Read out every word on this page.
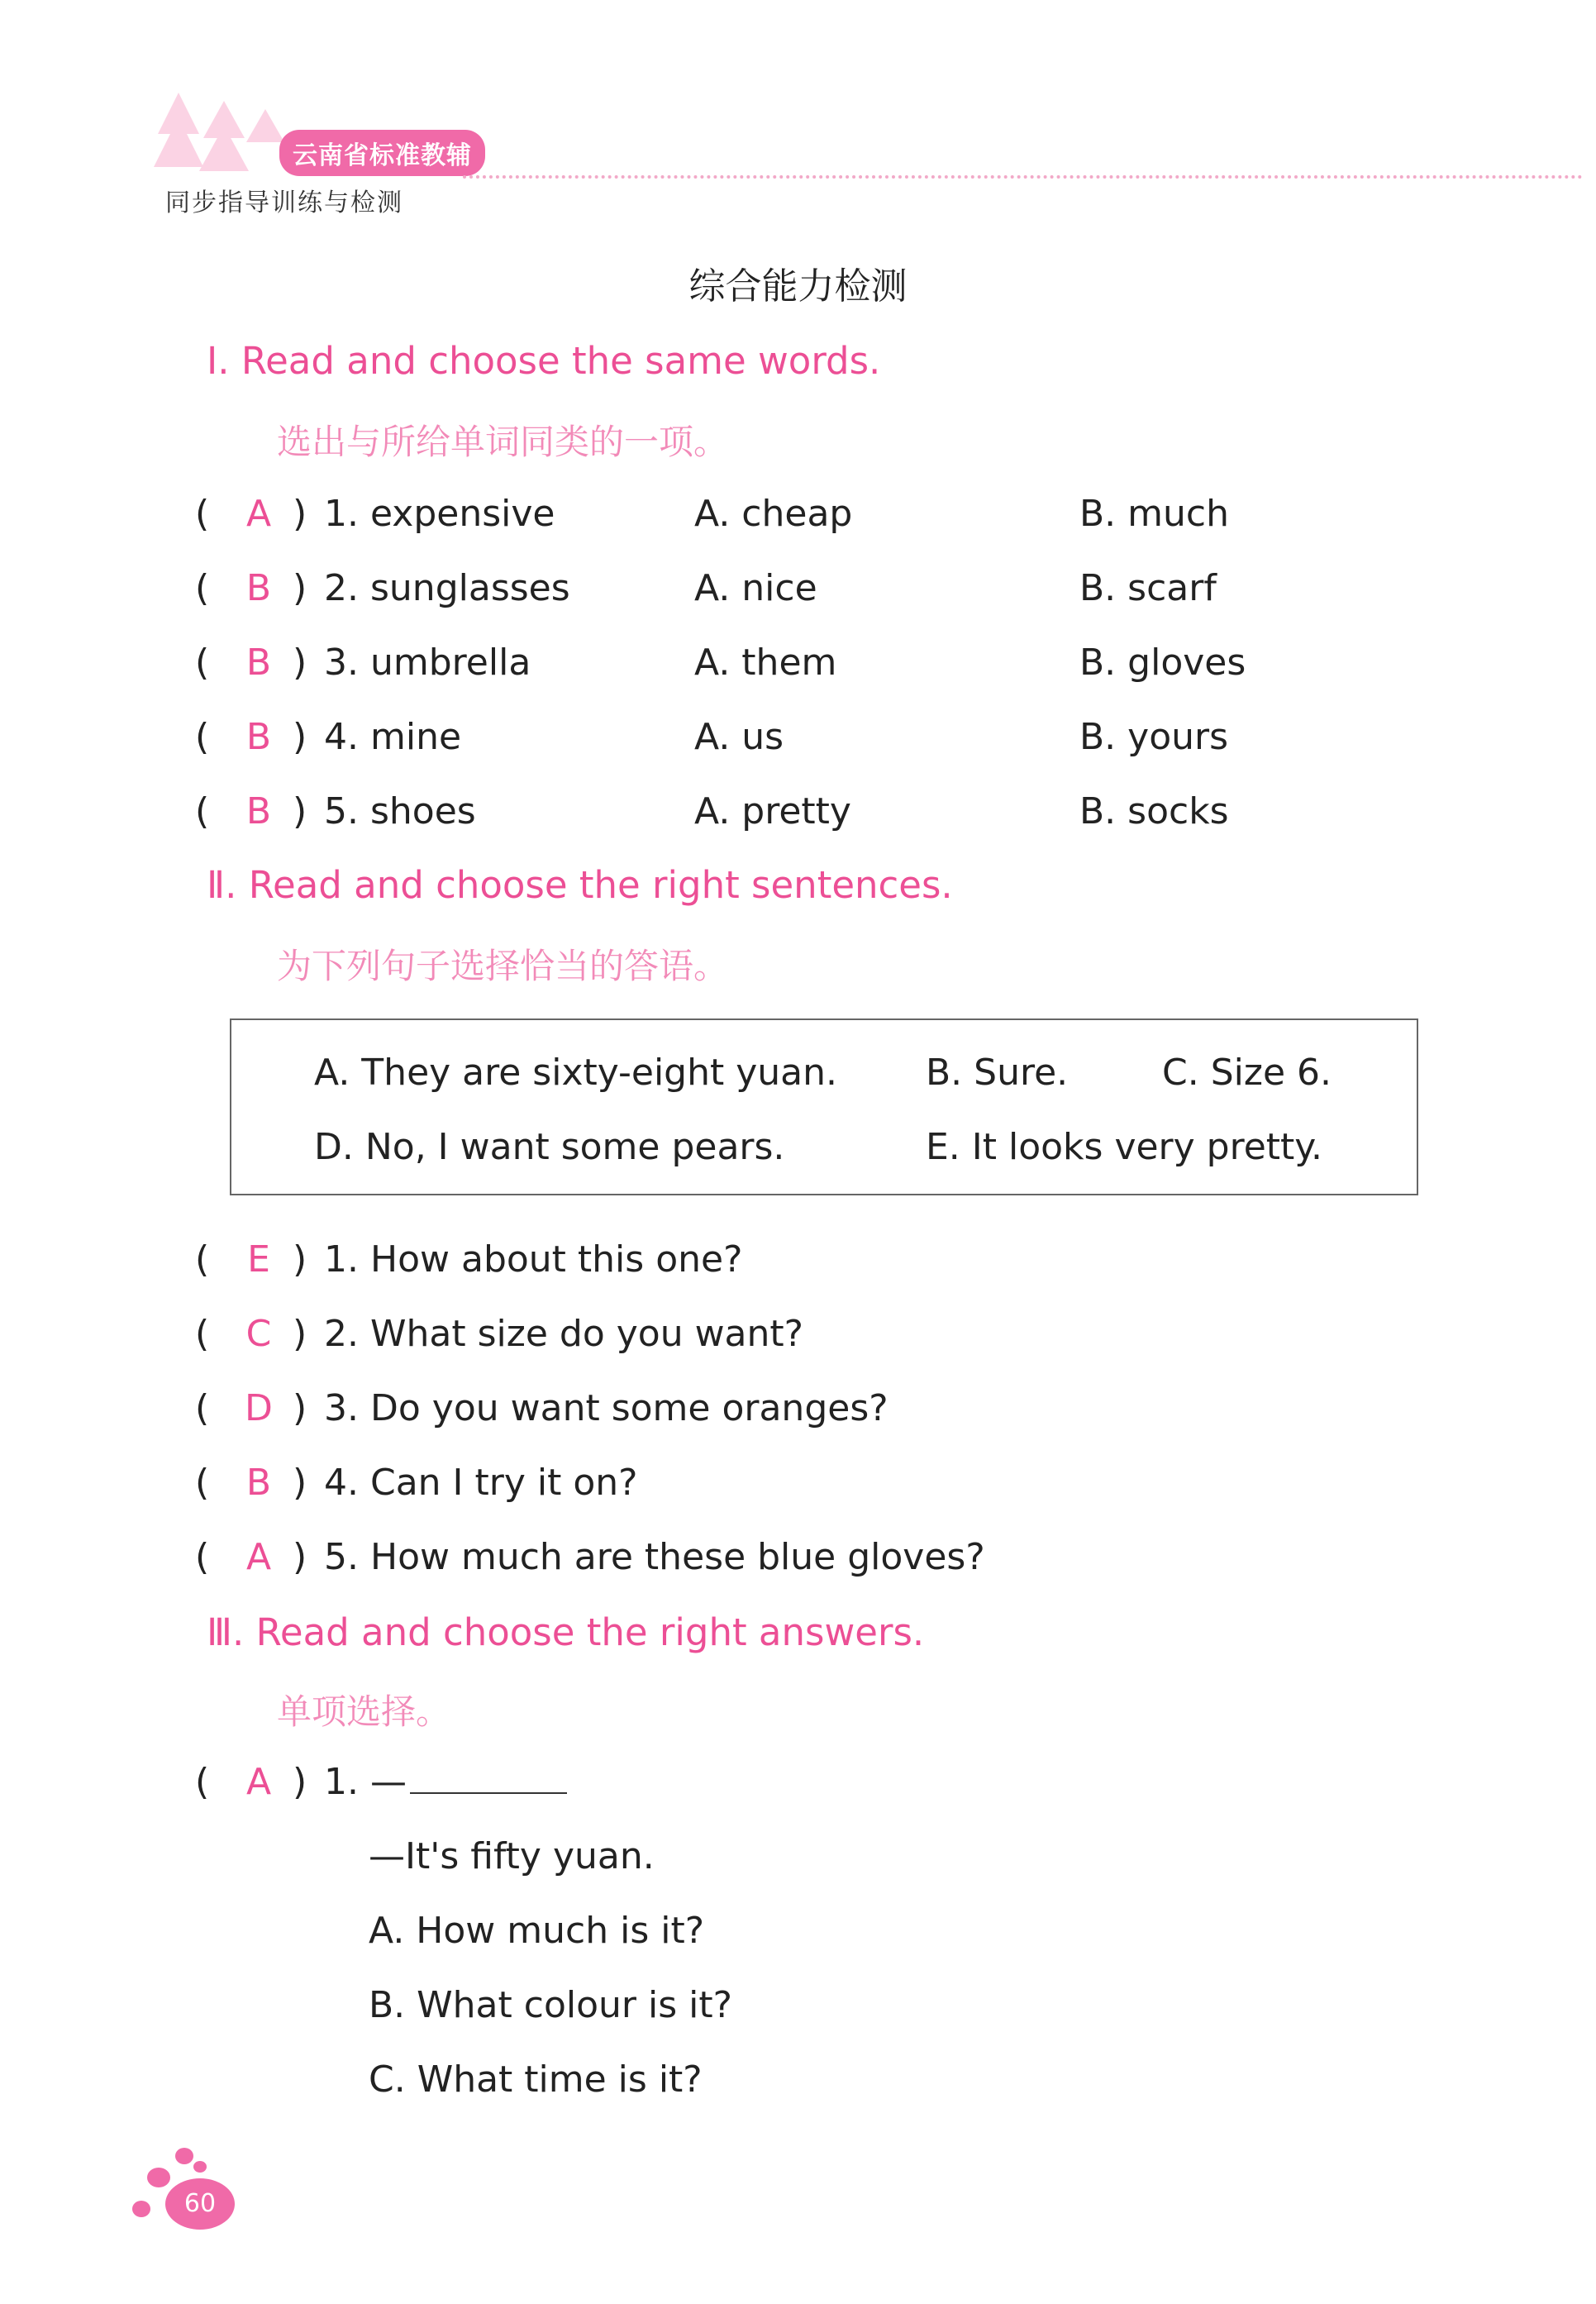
云南省标准教辅
同步指导训练与检测
综合能力检测
Ⅰ. Read and choose the same words.
选出与所给单词同类的一项。
( A ) 1. expensive	A. cheap	B. much
( B ) 2. sunglasses	A. nice	B. scarf
( B ) 3. umbrella	A. them	B. gloves
( B ) 4. mine	A. us	B. yours
( B ) 5. shoes	A. pretty	B. socks
Ⅱ. Read and choose the right sentences.
为下列句子选择恰当的答语。
A. They are sixty-eight yuan. B. Sure.	C. Size 6.
D. No, I want some pears.	E. It looks very pretty.
( E ) 1. How about this one?
( C ) 2. What size do you want?
( D ) 3. Do you want some oranges?
( B ) 4. Can I try it on?
( A ) 5. How much are these blue gloves?
Ⅲ. Read and choose the right answers.
单项选择。
( A ) 1. —
—It's fifty yuan.
A. How much is it?
B. What colour is it?
C. What time is it?
60
